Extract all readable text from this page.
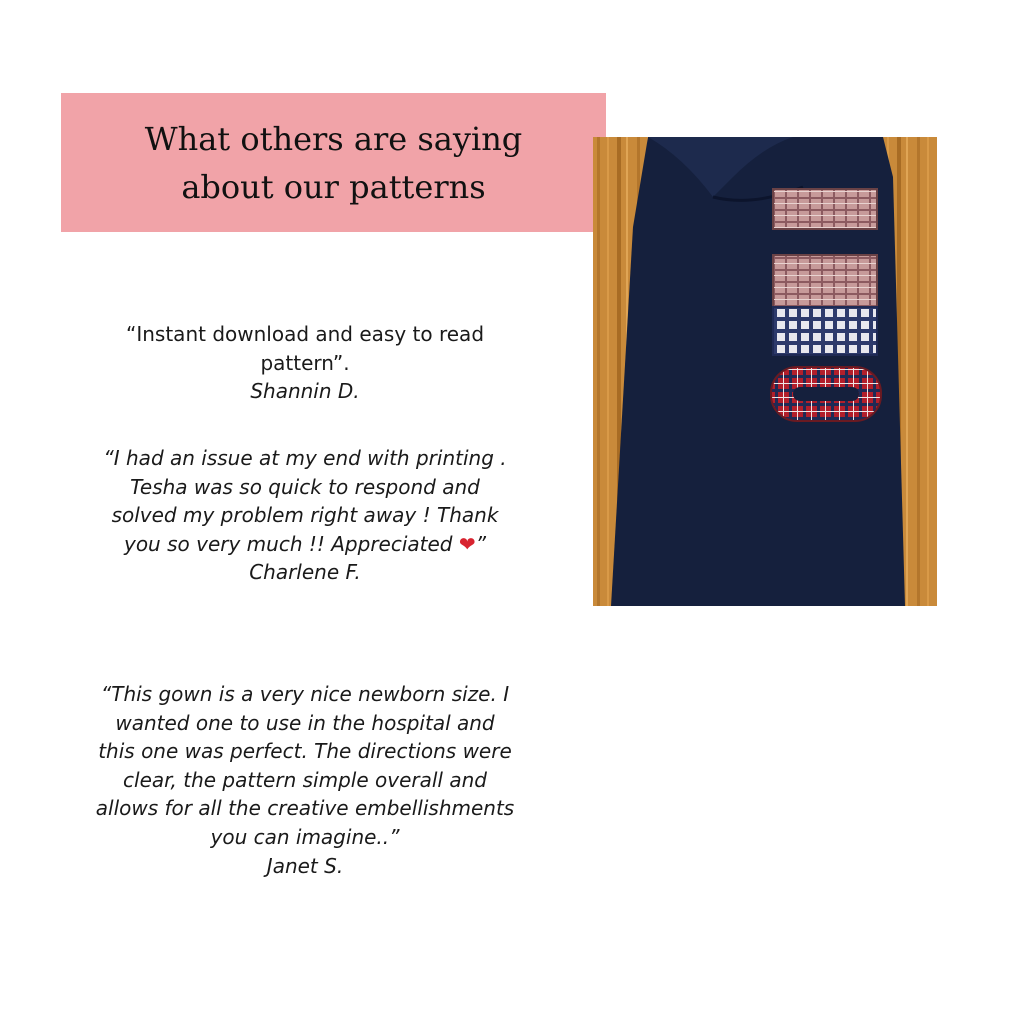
What others are saying about our patterns

“Instant download and easy to read pattern”.
Shannin D.

“I had an issue at my end with printing . Tesha was so quick to respond and solved my problem right away ! Thank you so very much !! Appreciated ❤”
Charlene F.

“This gown is a very nice newborn size. I wanted one to use in the hospital and this one was perfect. The directions were clear, the pattern simple overall and allows for all the creative embellishments you can imagine..”
Janet S.
